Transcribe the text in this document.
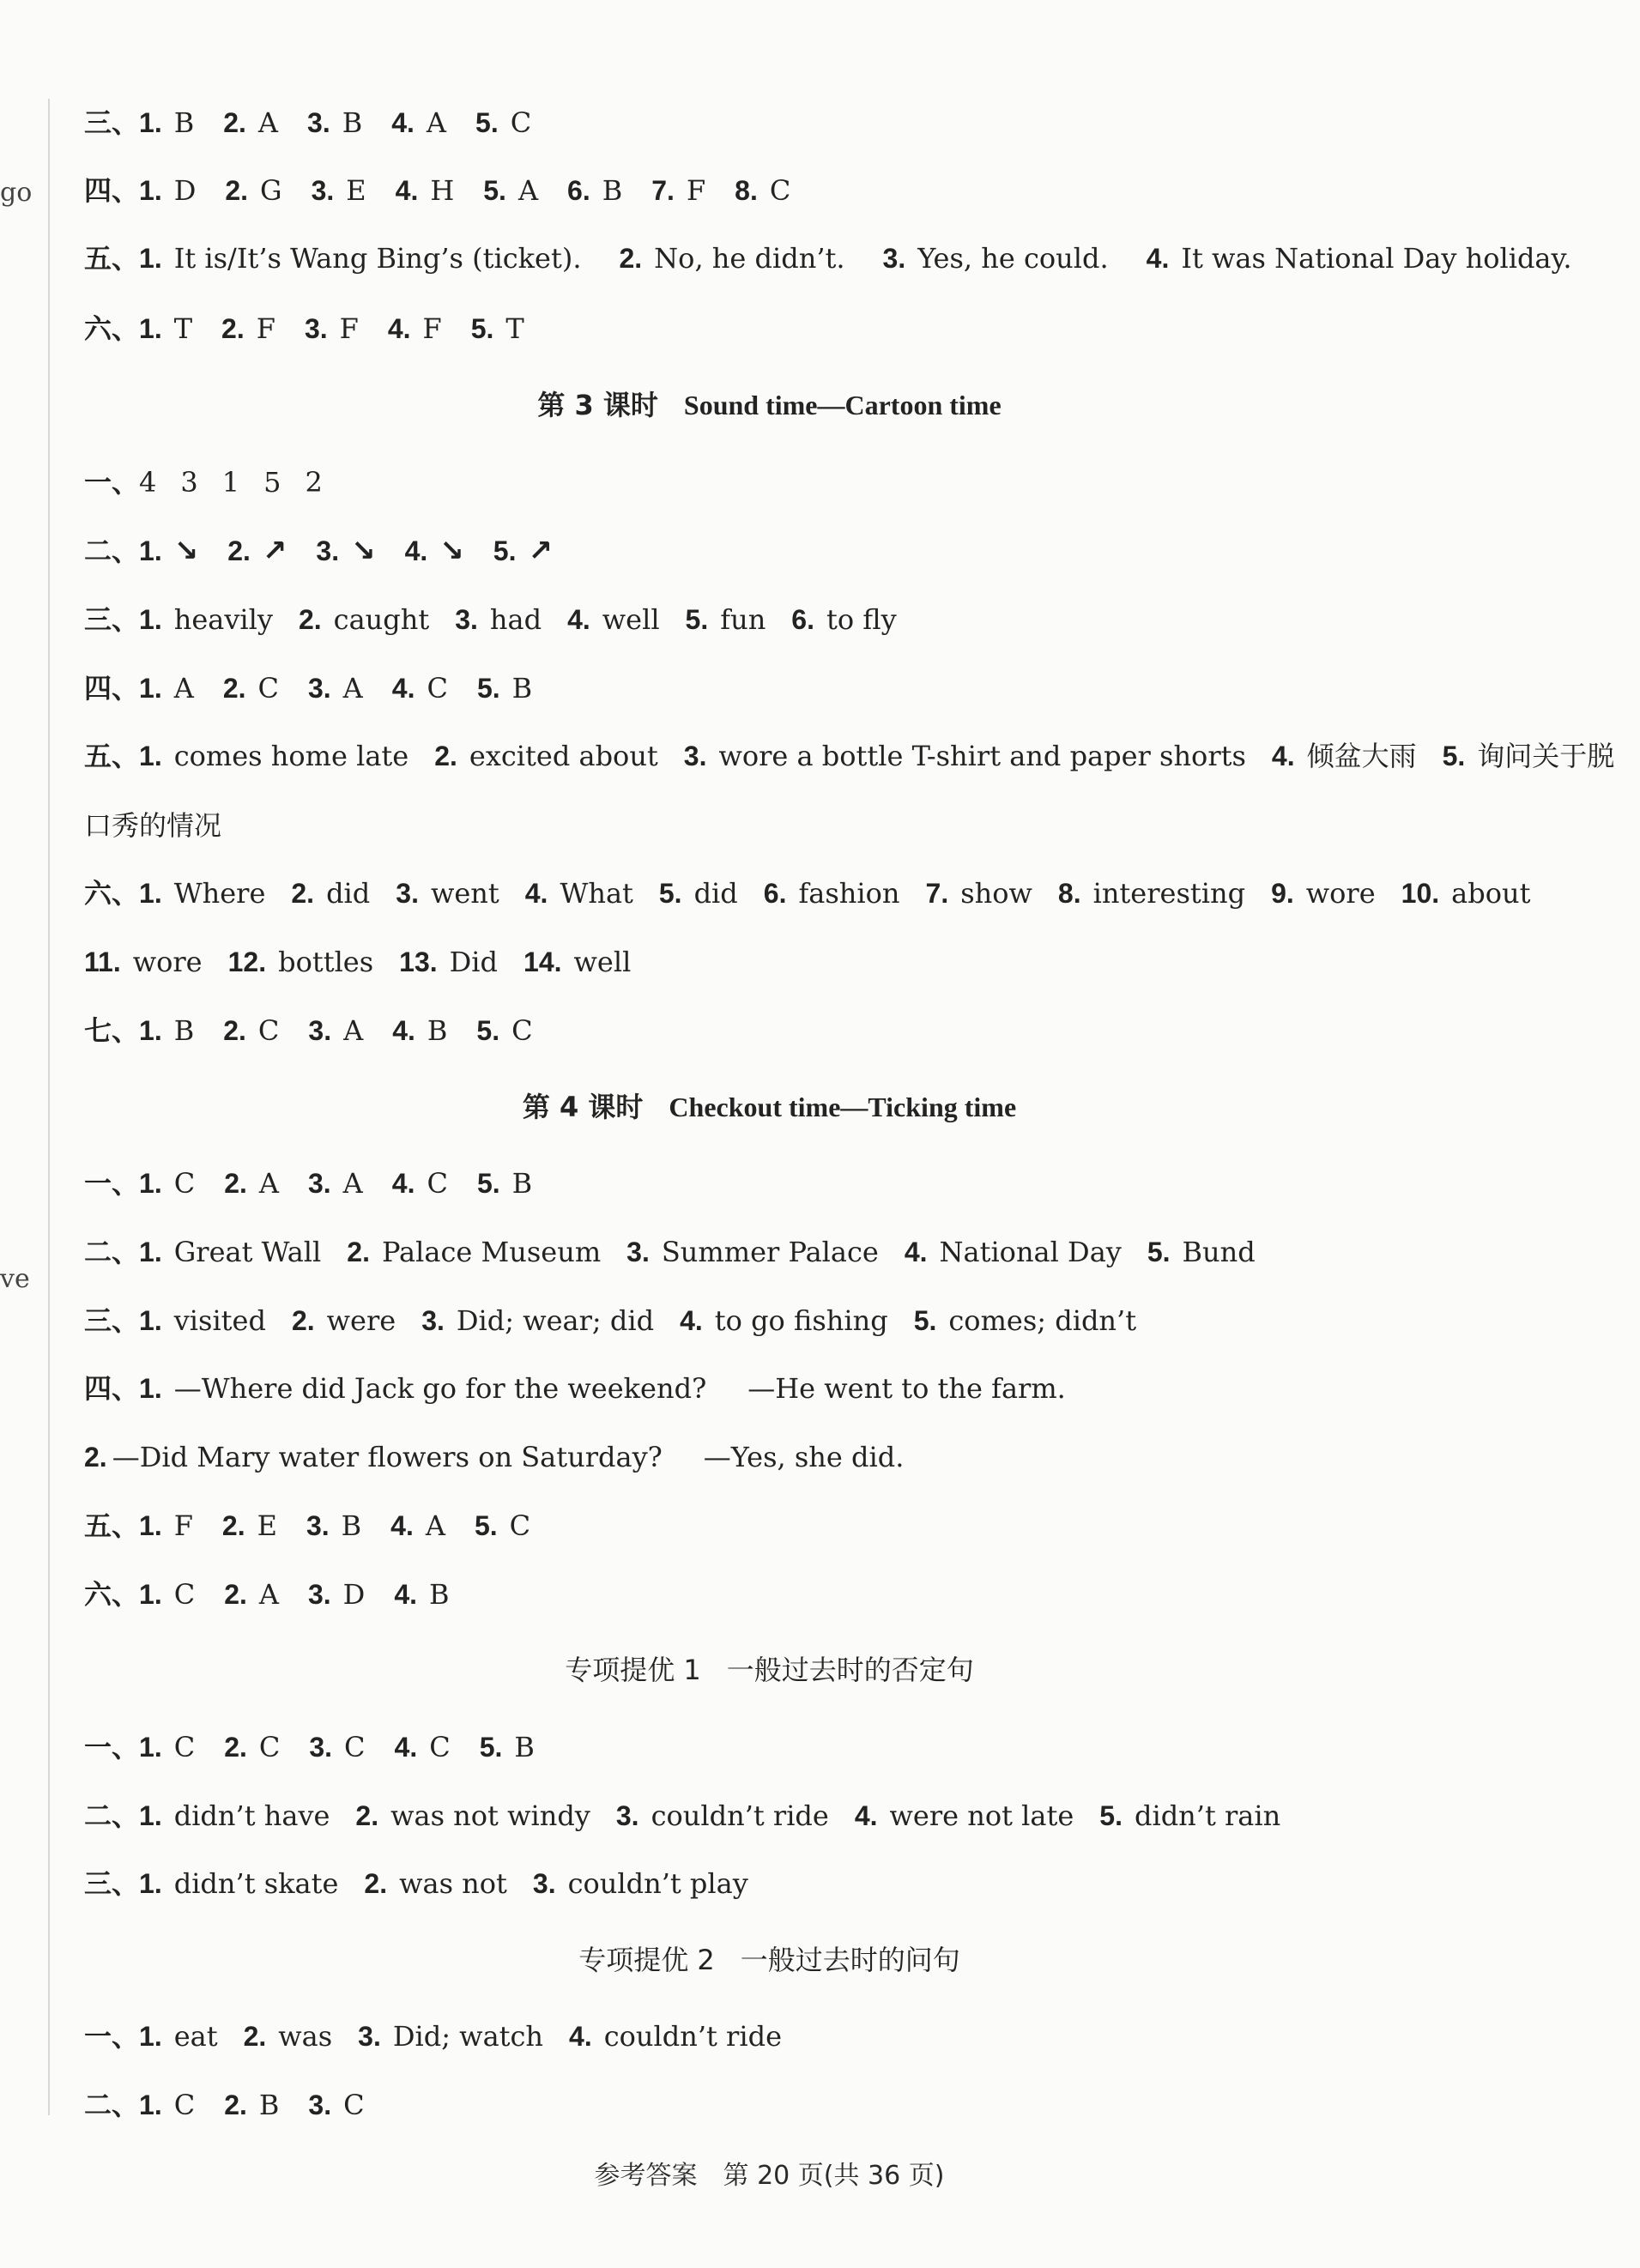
go
ve
三、1. B 2. A 3. B 4. A 5. C
四、1. D 2. G 3. E 4. H 5. A 6. B 7. F 8. C
五、1. It is/It’s Wang Bing’s (ticket). 2. No, he didn’t. 3. Yes, he could. 4. It was National Day holiday.
六、1. T 2. F 3. F 4. F 5. T
第 3 课时 Sound time—Cartoon time
一、4 3 1 5 2
二、1. ↘ 2. ↗ 3. ↘ 4. ↘ 5. ↗
三、1. heavily 2. caught 3. had 4. well 5. fun 6. to fly
四、1. A 2. C 3. A 4. C 5. B
五、1. comes home late 2. excited about 3. wore a bottle T-shirt and paper shorts 4. 倾盆大雨 5. 询问关于脱
口秀的情况
六、1. Where 2. did 3. went 4. What 5. did 6. fashion 7. show 8. interesting 9. wore 10. about
11. wore 12. bottles 13. Did 14. well
七、1. B 2. C 3. A 4. B 5. C
第 4 课时 Checkout time—Ticking time
一、1. C 2. A 3. A 4. C 5. B
二、1. Great Wall 2. Palace Museum 3. Summer Palace 4. National Day 5. Bund
三、1. visited 2. were 3. Did; wear; did 4. to go fishing 5. comes; didn’t
四、1. —Where did Jack go for the weekend? —He went to the farm.
2. —Did Mary water flowers on Saturday? —Yes, she did.
五、1. F 2. E 3. B 4. A 5. C
六、1. C 2. A 3. D 4. B
专项提优 1 一般过去时的否定句
一、1. C 2. C 3. C 4. C 5. B
二、1. didn’t have 2. was not windy 3. couldn’t ride 4. were not late 5. didn’t rain
三、1. didn’t skate 2. was not 3. couldn’t play
专项提优 2 一般过去时的问句
一、1. eat 2. was 3. Did; watch 4. couldn’t ride
二、1. C 2. B 3. C
参考答案　第 20 页(共 36 页)
